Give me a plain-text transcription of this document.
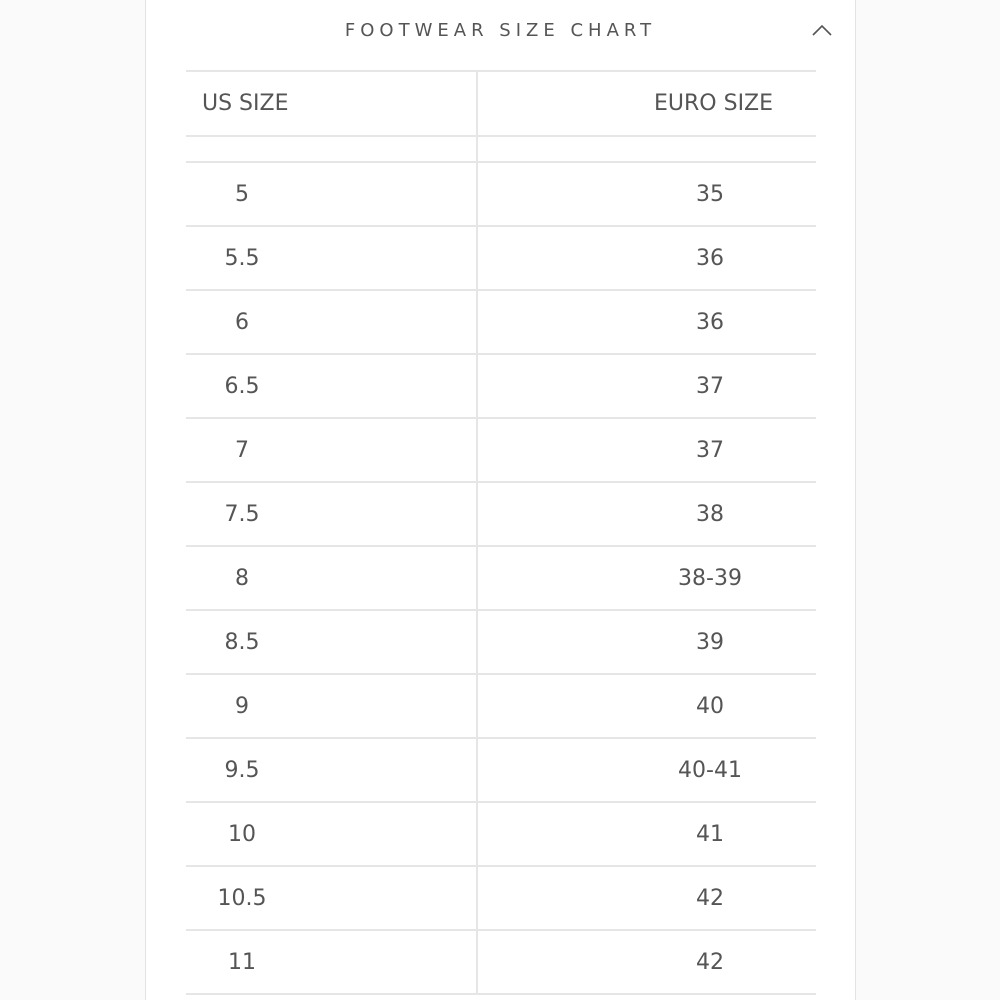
FOOTWEAR SIZE CHART
US SIZE	EURO SIZE
5	35
5.5	36
6	36
6.5	37
7	37
7.5	38
8	38-39
8.5	39
9	40
9.5	40-41
10	41
10.5	42
11	42
